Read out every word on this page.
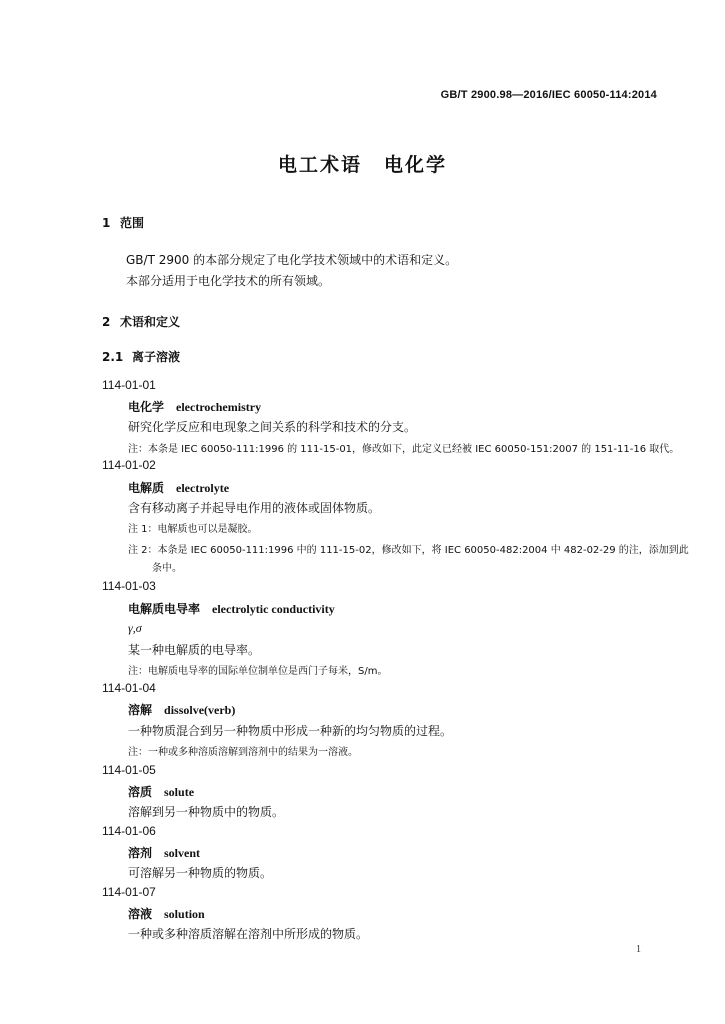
GB/T 2900.98—2016/IEC 60050-114:2014
电工术语 电化学
1 范围
GB/T 2900 的本部分规定了电化学技术领域中的术语和定义。
本部分适用于电化学技术的所有领域。
2 术语和定义
2.1 离子溶液
114-01-01
电化学 electrochemistry
研究化学反应和电现象之间关系的科学和技术的分支。
注：本条是 IEC 60050-111:1996 的 111-15-01，修改如下，此定义已经被 IEC 60050-151:2007 的 151-11-16 取代。
114-01-02
电解质 electrolyte
含有移动离子并起导电作用的液体或固体物质。
注 1：电解质也可以是凝胶。
注 2：本条是 IEC 60050-111:1996 中的 111-15-02，修改如下，将 IEC 60050-482:2004 中 482-02-29 的注，添加到此
条中。
114-01-03
电解质电导率 electrolytic conductivity
γ,σ
某一种电解质的电导率。
注：电解质电导率的国际单位制单位是西门子每米，S/m。
114-01-04
溶解 dissolve(verb)
一种物质混合到另一种物质中形成一种新的均匀物质的过程。
注：一种或多种溶质溶解到溶剂中的结果为一溶液。
114-01-05
溶质 solute
溶解到另一种物质中的物质。
114-01-06
溶剂 solvent
可溶解另一种物质的物质。
114-01-07
溶液 solution
一种或多种溶质溶解在溶剂中所形成的物质。
1
